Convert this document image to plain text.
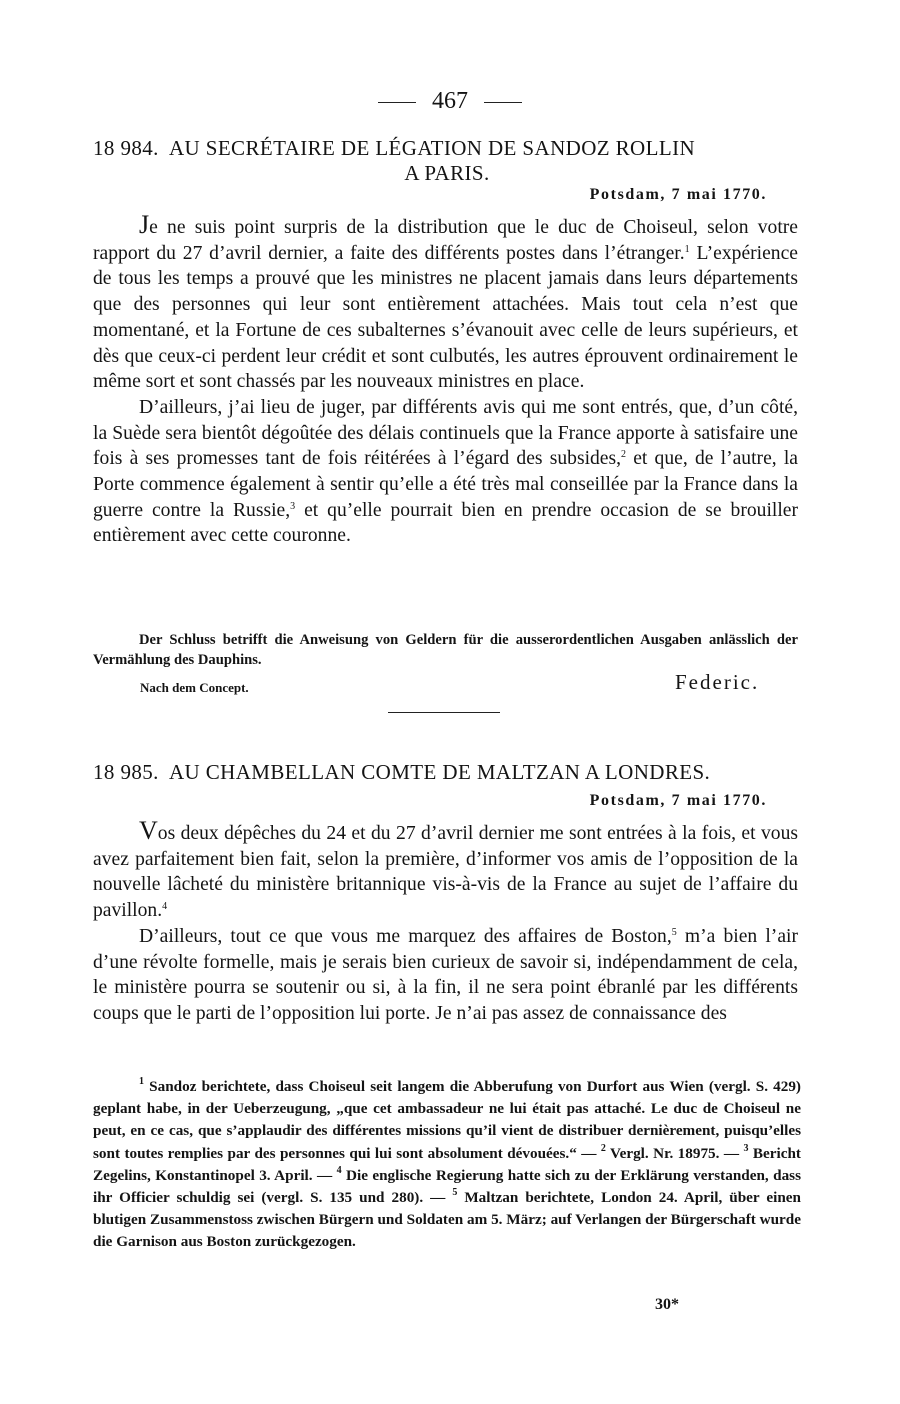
467
18 984. AU SECRÉTAIRE DE LÉGATION DE SANDOZ ROLLIN
A PARIS.
Potsdam, 7 mai 1770.

Je ne suis point surpris de la distribution que le duc de Choiseul, selon votre rapport du 27 d’avril dernier, a faite des différents postes dans l’étranger.$^1$ L’expérience de tous les temps a prouvé que les ministres ne placent jamais dans leurs départements que des personnes qui leur sont entièrement attachées. Mais tout cela n’est que momentané, et la Fortune de ces subalternes s’évanouit avec celle de leurs supérieurs, et dès que ceux-ci perdent leur crédit et sont culbutés, les autres éprouvent ordinairement le même sort et sont chassés par les nouveaux ministres en place.

D’ailleurs, j’ai lieu de juger, par différents avis qui me sont entrés, que, d’un côté, la Suède sera bientôt dégoûtée des délais continuels que la France apporte à satisfaire une fois à ses promesses tant de fois réitérées à l’égard des subsides,$^2$ et que, de l’autre, la Porte commence également à sentir qu’elle a été très mal conseillée par la France dans la guerre contre la Russie,$^3$ et qu’elle pourrait bien en prendre occasion de se brouiller entièrement avec cette couronne.

Der Schluss betrifft die Anweisung von Geldern für die ausserordentlichen Ausgaben anlässlich der Vermählung des Dauphins.

Nach dem Concept.	Federic.
18 985. AU CHAMBELLAN COMTE DE MALTZAN A LONDRES.
Potsdam, 7 mai 1770.

Vos deux dépêches du 24 et du 27 d’avril dernier me sont entrées à la fois, et vous avez parfaitement bien fait, selon la première, d’informer vos amis de l’opposition de la nouvelle lâcheté du ministère britannique vis-à-vis de la France au sujet de l’affaire du pavillon.$^4$

D’ailleurs, tout ce que vous me marquez des affaires de Boston,$^5$ m’a bien l’air d’une révolte formelle, mais je serais bien curieux de savoir si, indépendamment de cela, le ministère pourra se soutenir ou si, à la fin, il ne sera point ébranlé par les différents coups que le parti de l’opposition lui porte. Je n’ai pas assez de connaissance des

$^1$ Sandoz berichtete, dass Choiseul seit langem die Abberufung von Durfort aus Wien (vergl. S. 429) geplant habe, in der Ueberzeugung, „que cet ambassadeur ne lui était pas attaché. Le duc de Choiseul ne peut, en ce cas, que s’applaudir des différentes missions qu’il vient de distribuer dernièrement, puisqu’elles sont toutes remplies par des personnes qui lui sont absolument dévouées.“ — $^2$ Vergl. Nr. 18975. — $^3$ Bericht Zegelins, Konstantinopel 3. April. — $^4$ Die englische Regierung hatte sich zu der Erklärung verstanden, dass ihr Officier schuldig sei (vergl. S. 135 und 280). — $^5$ Maltzan berichtete, London 24. April, über einen blutigen Zusammenstoss zwischen Bürgern und Soldaten am 5. März; auf Verlangen der Bürgerschaft wurde die Garnison aus Boston zurückgezogen.

30*
